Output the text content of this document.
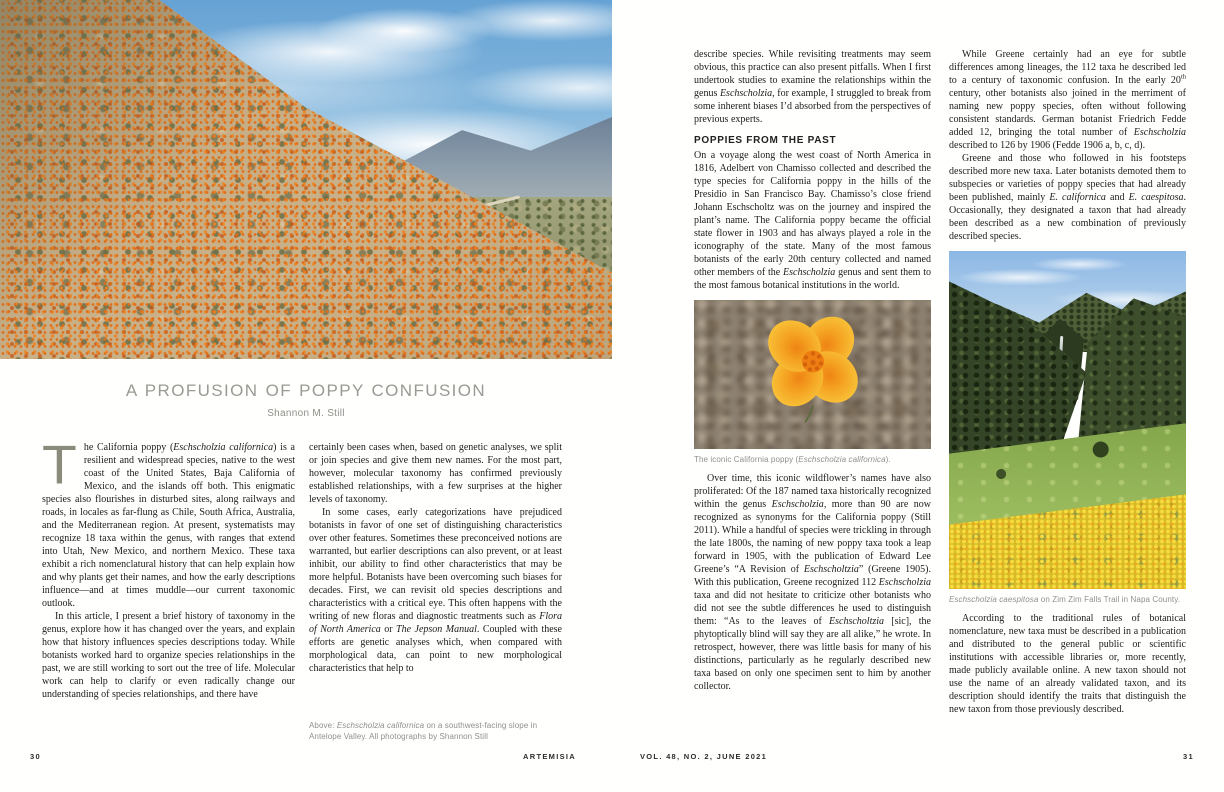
A PROFUSION OF POPPY CONFUSION
Shannon M. Still

The California poppy (Eschscholzia californica) is a resilient and widespread species, native to the west coast of the United States, Baja California of Mexico, and the islands off both. This enigmatic species also flourishes in disturbed sites, along railways and roads, in locales as far-flung as Chile, South Africa, Australia, and the Mediterranean region. At present, systematists may recognize 18 taxa within the genus, with ranges that extend into Utah, New Mexico, and northern Mexico. These taxa exhibit a rich nomenclatural history that can help explain how and why plants get their names, and how the early descriptions influence—and at times muddle—our current taxonomic outlook.

In this article, I present a brief history of taxonomy in the genus, explore how it has changed over the years, and explain how that history influences species descriptions today. While botanists worked hard to organize species relationships in the past, we are still working to sort out the tree of life. Molecular work can help to clarify or even radically change our understanding of species relationships, and there have

certainly been cases when, based on genetic analyses, we split or join species and give them new names. For the most part, however, molecular taxonomy has confirmed previously established relationships, with a few surprises at the higher levels of taxonomy.

In some cases, early categorizations have prejudiced botanists in favor of one set of distinguishing characteristics over other features. Sometimes these preconceived notions are warranted, but earlier descriptions can also prevent, or at least inhibit, our ability to find other characteristics that may be more helpful. Botanists have been overcoming such biases for decades. First, we can revisit old species descriptions and characteristics with a critical eye. This often happens with the writing of new floras and diagnostic treatments such as Flora of North America or The Jepson Manual. Coupled with these efforts are genetic analyses which, when compared with morphological data, can point to new morphological characteristics that help to

Above: Eschscholzia californica on a southwest-facing slope in Antelope Valley. All photographs by Shannon Still
30	ARTEMISIA

describe species. While revisiting treatments may seem obvious, this practice can also present pitfalls. When I first undertook studies to examine the relationships within the genus Eschscholzia, for example, I struggled to break from some inherent biases I’d absorbed from the perspectives of previous experts.

POPPIES FROM THE PAST

On a voyage along the west coast of North America in 1816, Adelbert von Chamisso collected and described the type species for California poppy in the hills of the Presidio in San Francisco Bay. Chamisso’s close friend Johann Eschscholtz was on the journey and inspired the plant’s name. The California poppy became the official state flower in 1903 and has always played a role in the iconography of the state. Many of the most famous botanists of the early 20th century collected and named other members of the Eschscholzia genus and sent them to the most famous botanical institutions in the world.

The iconic California poppy (Eschscholzia californica).

Over time, this iconic wildflower’s names have also proliferated: Of the 187 named taxa historically recognized within the genus Eschscholzia, more than 90 are now recognized as synonyms for the California poppy (Still 2011). While a handful of species were trickling in through the late 1800s, the naming of new poppy taxa took a leap forward in 1905, with the publication of Edward Lee Greene’s “A Revision of Eschscholtzia” (Greene 1905). With this publication, Greene recognized 112 Eschscholzia taxa and did not hesitate to criticize other botanists who did not see the subtle differences he used to distinguish them: “As to the leaves of Eschscholtzia [sic], the phytoptically blind will say they are all alike,” he wrote. In retrospect, however, there was little basis for many of his distinctions, particularly as he regularly described new taxa based on only one specimen sent to him by another collector.

While Greene certainly had an eye for subtle differences among lineages, the 112 taxa he described led to a century of taxonomic confusion. In the early 20th century, other botanists also joined in the merriment of naming new poppy species, often without following consistent standards. German botanist Friedrich Fedde added 12, bringing the total number of Eschscholzia described to 126 by 1906 (Fedde 1906 a, b, c, d).

Greene and those who followed in his footsteps described more new taxa. Later botanists demoted them to subspecies or varieties of poppy species that had already been published, mainly E. californica and E. caespitosa. Occasionally, they designated a taxon that had already been described as a new combination of previously described species.

Eschscholzia caespitosa on Zim Zim Falls Trail in Napa County.

According to the traditional rules of botanical nomenclature, new taxa must be described in a publication and distributed to the general public or scientific institutions with accessible libraries or, more recently, made publicly available online. A new taxon should not use the name of an already validated taxon, and its description should identify the traits that distinguish the new taxon from those previously described.

VOL. 48, NO. 2, JUNE 2021	31
